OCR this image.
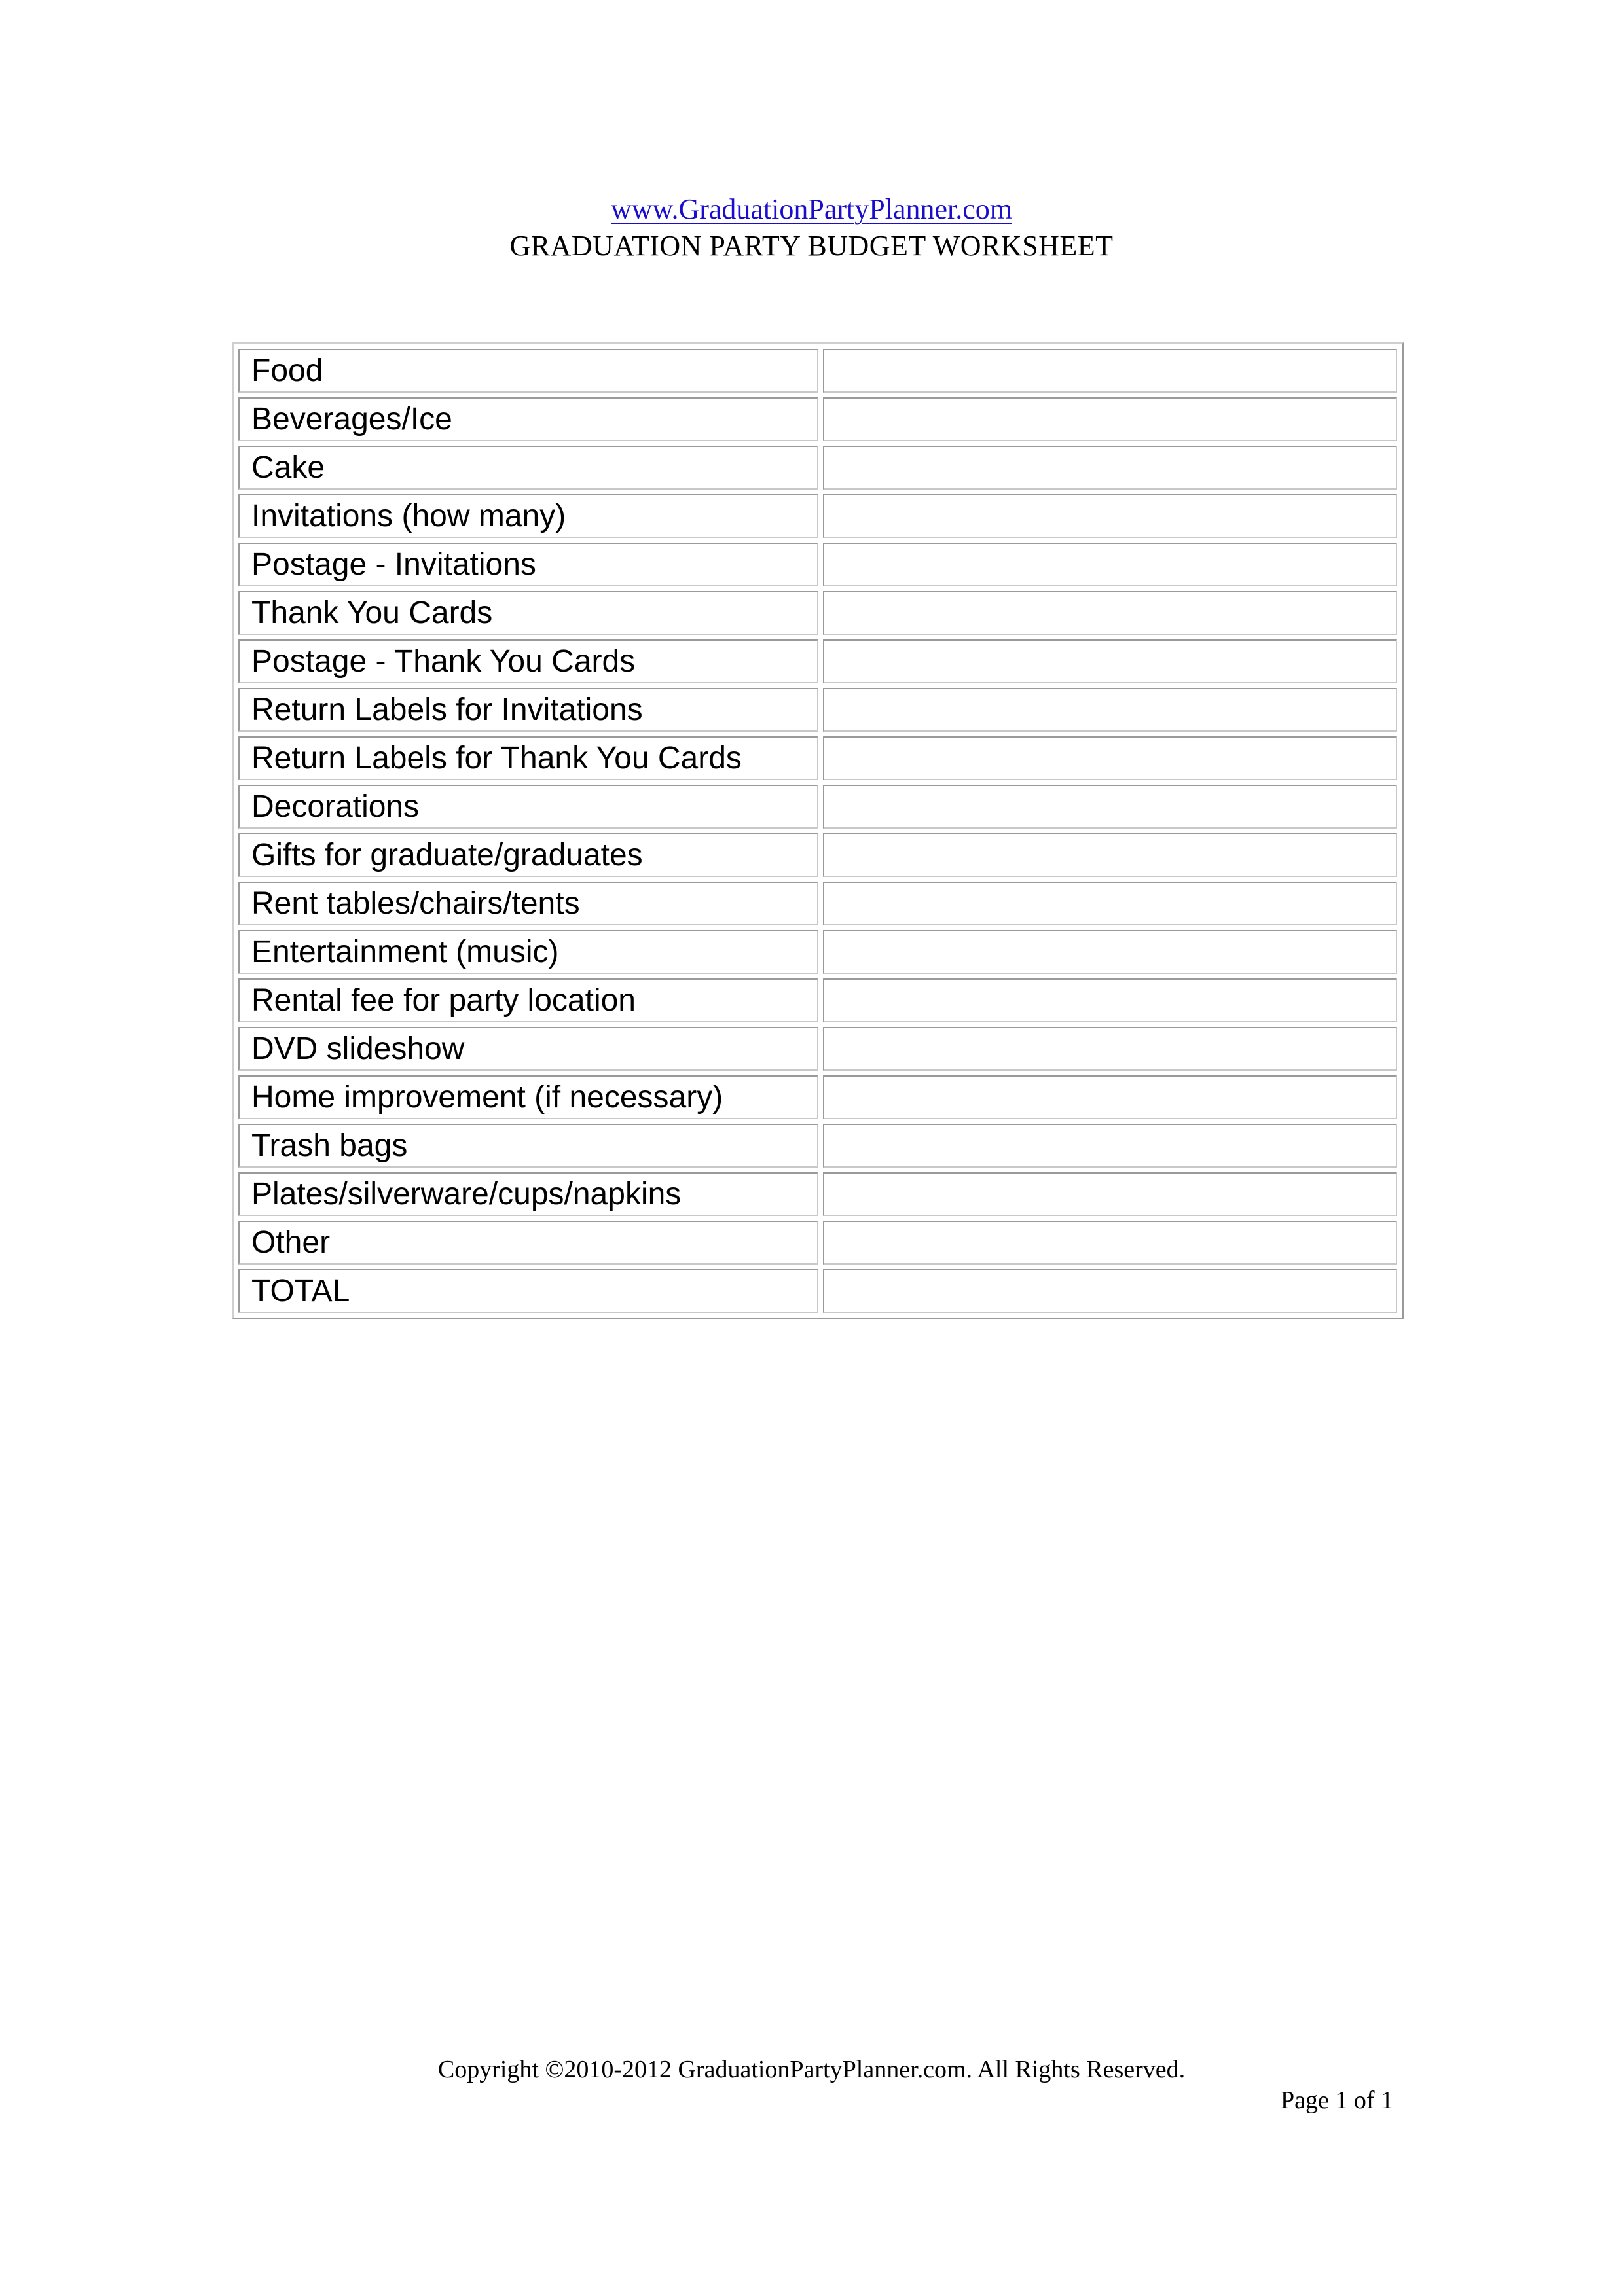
www.GraduationPartyPlanner.com
GRADUATION PARTY BUDGET WORKSHEET
Food	
Beverages/Ice	
Cake	
Invitations (how many)	
Postage - Invitations	
Thank You Cards	
Postage - Thank You Cards	
Return Labels for Invitations	
Return Labels for Thank You Cards	
Decorations	
Gifts for graduate/graduates	
Rent tables/chairs/tents	
Entertainment (music)	
Rental fee for party location	
DVD slideshow	
Home improvement (if necessary)	
Trash bags	
Plates/silverware/cups/napkins	
Other	
TOTAL	
Copyright ©2010-2012 GraduationPartyPlanner.com. All Rights Reserved.
Page 1 of 1
